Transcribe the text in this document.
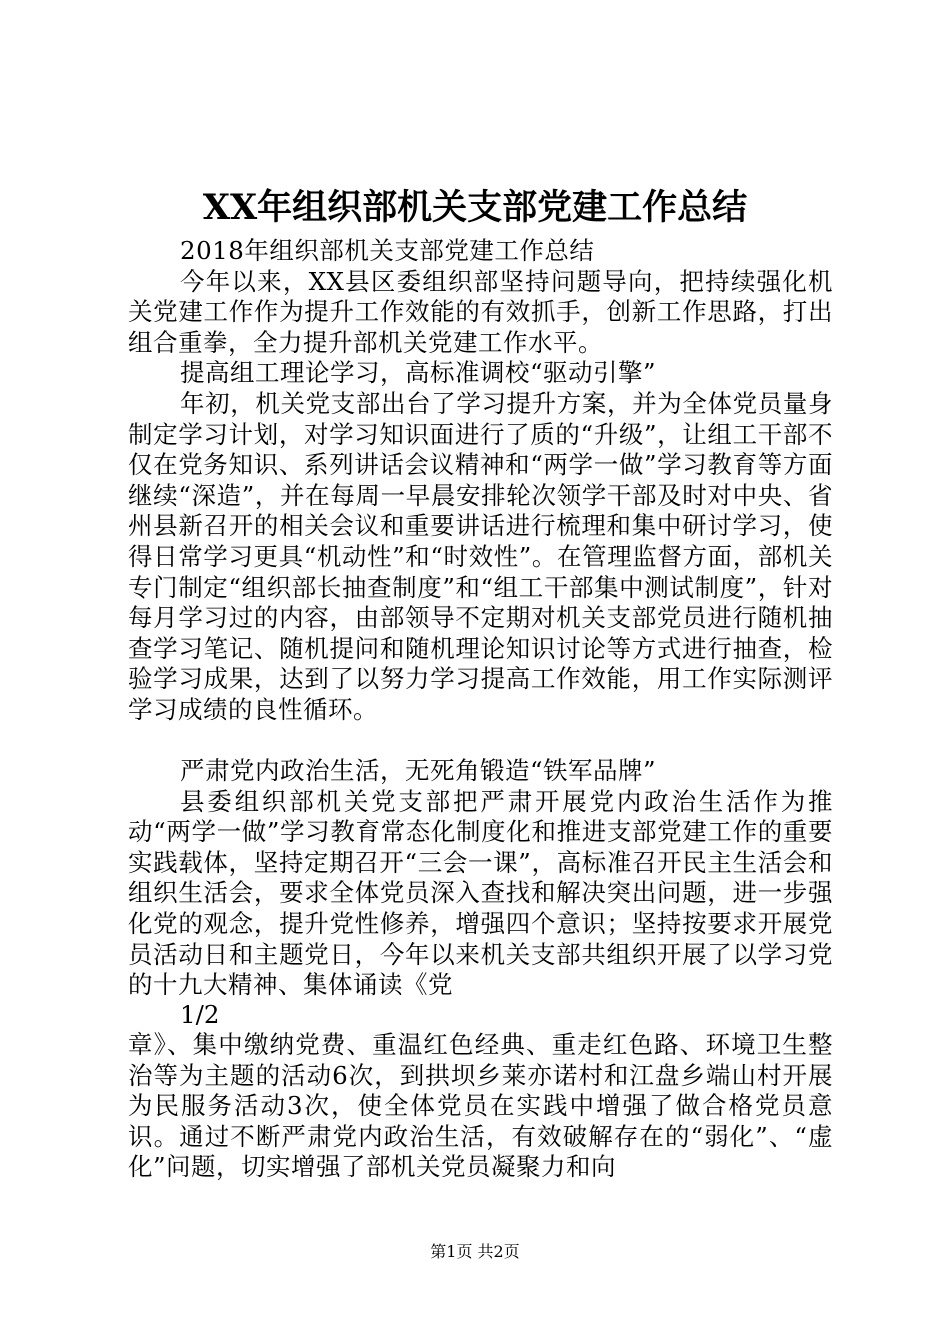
XX年组织部机关支部党建工作总结

2018年组织部机关支部党建工作总结

今年以来，XX县区委组织部坚持问题导向，把持续强化机关党建工作作为提升工作效能的有效抓手，创新工作思路，打出组合重拳，全力提升部机关党建工作水平。

提高组工理论学习，高标准调校“驱动引擎”

年初，机关党支部出台了学习提升方案，并为全体党员量身制定学习计划，对学习知识面进行了质的“升级”，让组工干部不仅在党务知识、系列讲话会议精神和“两学一做”学习教育等方面继续“深造”，并在每周一早晨安排轮次领学干部及时对中央、省州县新召开的相关会议和重要讲话进行梳理和集中研讨学习，使得日常学习更具“机动性”和“时效性”。在管理监督方面，部机关专门制定“组织部长抽查制度”和“组工干部集中测试制度”，针对每月学习过的内容，由部领导不定期对机关支部党员进行随机抽查学习笔记、随机提问和随机理论知识讨论等方式进行抽查，检验学习成果，达到了以努力学习提高工作效能，用工作实际测评学习成绩的良性循环。

严肃党内政治生活，无死角锻造“铁军品牌”

县委组织部机关党支部把严肃开展党内政治生活作为推动“两学一做”学习教育常态化制度化和推进支部党建工作的重要实践载体，坚持定期召开“三会一课”，高标准召开民主生活会和组织生活会，要求全体党员深入查找和解决突出问题，进一步强化党的观念，提升党性修养，增强四个意识；坚持按要求开展党员活动日和主题党日，今年以来机关支部共组织开展了以学习党的十九大精神、集体诵读《党

1/2

章》、集中缴纳党费、重温红色经典、重走红色路、环境卫生整治等为主题的活动6次，到拱坝乡莱亦诺村和江盘乡端山村开展为民服务活动3次，使全体党员在实践中增强了做合格党员意识。通过不断严肃党内政治生活，有效破解存在的“弱化”、“虚化”问题，切实增强了部机关党员凝聚力和向

第1页 共2页
